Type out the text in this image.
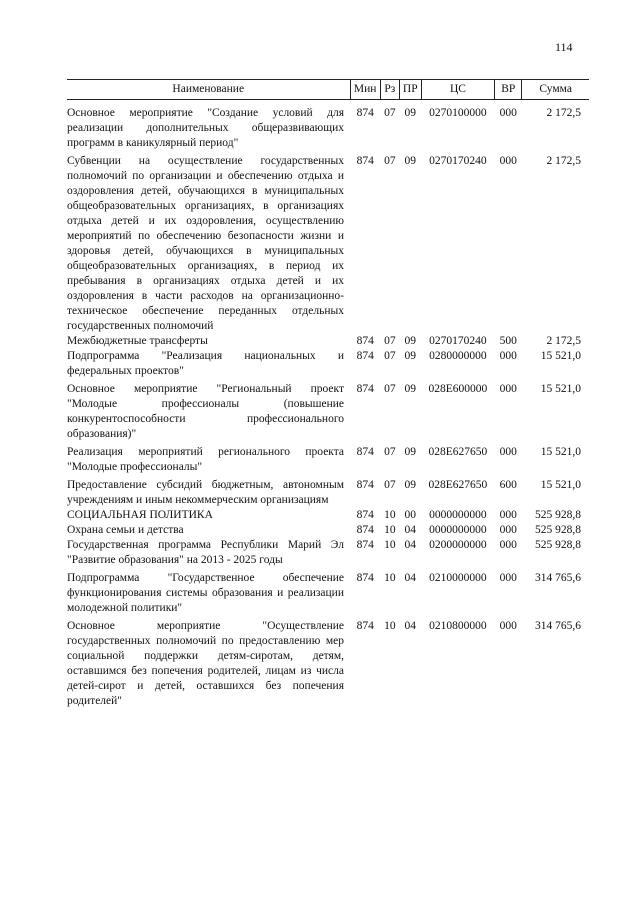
114
Наименование	Мин	Рз	ПР	ЦС	ВР	Сумма
Основное мероприятие "Создание условий для реализации дополнительных общеразвивающих программ в каникулярный период"	874	07	09	0270100000	000	2 172,5
Субвенции на осуществление государственных полномочий по организации и обеспечению отдыха и оздоровления детей, обучающихся в муниципальных общеобразовательных организациях, в организациях отдыха детей и их оздоровления, осуществлению мероприятий по обеспечению безопасности жизни и здоровья детей, обучающихся в муниципальных общеобразовательных организациях, в период их пребывания в организациях отдыха детей и их оздоровления в части расходов на организационно-техническое обеспечение переданных отдельных государственных полномочий	874	07	09	0270170240	000	2 172,5
Межбюджетные трансферты	874	07	09	0270170240	500	2 172,5
Подпрограмма "Реализация национальных и федеральных проектов"	874	07	09	0280000000	000	15 521,0
Основное мероприятие "Региональный проект "Молодые профессионалы (повышение конкурентоспособности профессионального образования)"	874	07	09	028E600000	000	15 521,0
Реализация мероприятий регионального проекта "Молодые профессионалы"	874	07	09	028E627650	000	15 521,0
Предоставление субсидий бюджетным, автономным учреждениям и иным некоммерческим организациям	874	07	09	028E627650	600	15 521,0
СОЦИАЛЬНАЯ ПОЛИТИКА	874	10	00	0000000000	000	525 928,8
Охрана семьи и детства	874	10	04	0000000000	000	525 928,8
Государственная программа Республики Марий Эл "Развитие образования" на 2013 - 2025 годы	874	10	04	0200000000	000	525 928,8
Подпрограмма "Государственное обеспечение функционирования системы образования и реализации молодежной политики"	874	10	04	0210000000	000	314 765,6
Основное мероприятие "Осуществление государственных полномочий по предоставлению мер социальной поддержки детям-сиротам, детям, оставшимся без попечения родителей, лицам из числа детей-сирот и детей, оставшихся без попечения родителей"	874	10	04	0210800000	000	314 765,6
